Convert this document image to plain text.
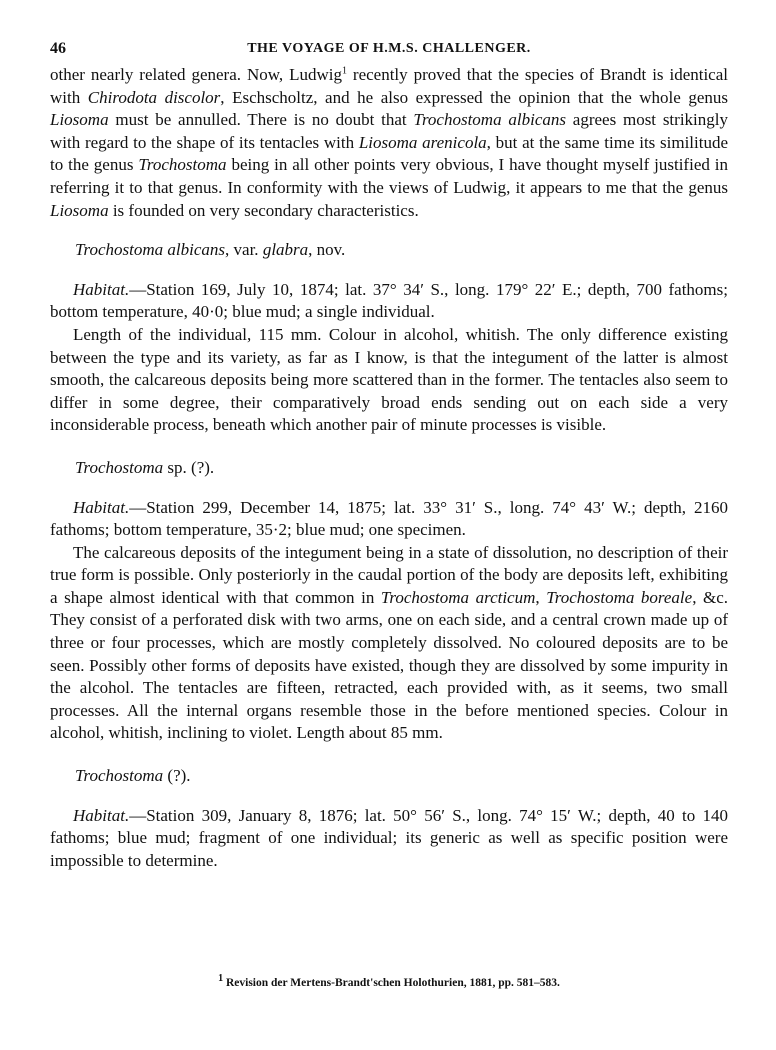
46	THE VOYAGE OF H.M.S. CHALLENGER.

other nearly related genera. Now, Ludwig$^1$ recently proved that the species of Brandt is identical with Chirodota discolor, Eschscholtz, and he also expressed the opinion that the whole genus Liosoma must be annulled. There is no doubt that Trochostoma albicans agrees most strikingly with regard to the shape of its tentacles with Liosoma arenicola, but at the same time its similitude to the genus Trochostoma being in all other points very obvious, I have thought myself justified in referring it to that genus. In conformity with the views of Ludwig, it appears to me that the genus Liosoma is founded on very secondary characteristics.

Trochostoma albicans, var. glabra, nov.

Habitat.—Station 169, July 10, 1874; lat. 37° 34′ S., long. 179° 22′ E.; depth, 700 fathoms; bottom temperature, 40·0; blue mud; a single individual.

Length of the individual, 115 mm. Colour in alcohol, whitish. The only difference existing between the type and its variety, as far as I know, is that the integument of the latter is almost smooth, the calcareous deposits being more scattered than in the former. The tentacles also seem to differ in some degree, their comparatively broad ends sending out on each side a very inconsiderable process, beneath which another pair of minute processes is visible.

Trochostoma sp. (?).

Habitat.—Station 299, December 14, 1875; lat. 33° 31′ S., long. 74° 43′ W.; depth, 2160 fathoms; bottom temperature, 35·2; blue mud; one specimen.

The calcareous deposits of the integument being in a state of dissolution, no description of their true form is possible. Only posteriorly in the caudal portion of the body are deposits left, exhibiting a shape almost identical with that common in Trochostoma arcticum, Trochostoma boreale, &c. They consist of a perforated disk with two arms, one on each side, and a central crown made up of three or four processes, which are mostly completely dissolved. No coloured deposits are to be seen. Possibly other forms of deposits have existed, though they are dissolved by some impurity in the alcohol. The tentacles are fifteen, retracted, each provided with, as it seems, two small processes. All the internal organs resemble those in the before mentioned species. Colour in alcohol, whitish, inclining to violet. Length about 85 mm.

Trochostoma (?).

Habitat.—Station 309, January 8, 1876; lat. 50° 56′ S., long. 74° 15′ W.; depth, 40 to 140 fathoms; blue mud; fragment of one individual; its generic as well as specific position were impossible to determine.

$^1$ Revision der Mertens-Brandt'schen Holothurien, 1881, pp. 581–583.
